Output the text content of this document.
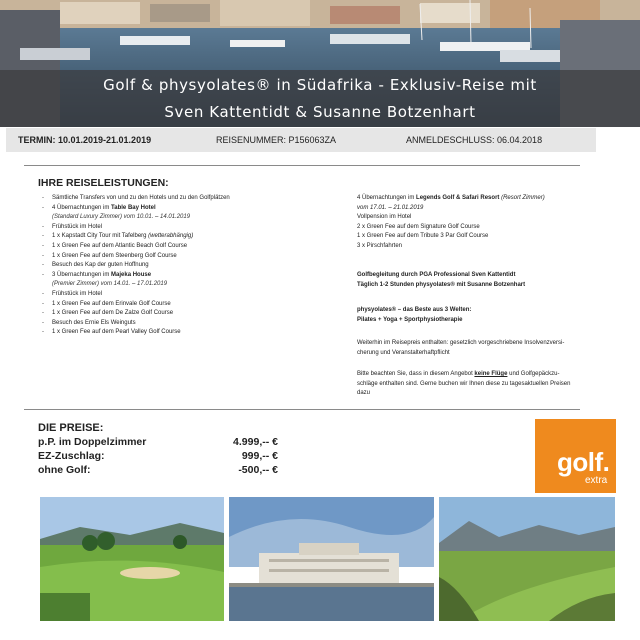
Golf & physyolates® in Südafrika - Exklusiv-Reise mit
Sven Kattentidt & Susanne Botzenhart
TERMIN: 10.01.2019-21.01.2019	REISENUMMER: P156063ZA	ANMELDESCHLUSS: 06.04.2018
IHRE REISELEISTUNGEN:
- Sämtliche Transfers von und zu den Hotels und zu den Golfplätzen
- 4 Übernachtungen im Table Bay Hotel
(Standard Luxury Zimmer) vom 10.01. – 14.01.2019
- Frühstück im Hotel
- 1 x Kapstadt City Tour mit Tafelberg (wetterabhängig)
- 1 x Green Fee auf dem Atlantic Beach Golf Course
- 1 x Green Fee auf dem Steenberg Golf Course
- Besuch des Kap der guten Hoffnung
- 3 Übernachtungen im Majeka House
(Premier Zimmer) vom 14.01. – 17.01.2019
- Frühstück im Hotel
- 1 x Green Fee auf dem Erinvale Golf Course
- 1 x Green Fee auf dem De Zalze Golf Course
- Besuch des Ernie Els Weinguts
- 1 x Green Fee auf dem Pearl Valley Golf Course
4 Übernachtungen im Legends Golf & Safari Resort (Resort Zimmer)
vom 17.01. – 21.01.2019
Vollpension im Hotel
2 x Green Fee auf dem Signature Golf Course
1 x Green Fee auf dem Tribute 3 Par Golf Course
3 x Pirschfahrten
Golfbegleitung durch PGA Professional Sven Kattentidt
Täglich 1-2 Stunden physyolates® mit Susanne Botzenhart
physyolates® – das Beste aus 3 Welten:
Pilates + Yoga + Sportphysiotherapie
Weiterhin im Reisepreis enthalten: gesetzlich vorgeschriebene Insolvenzversi-
cherung und Veranstalterhaftpflicht
Bitte beachten Sie, dass in diesem Angebot keine Flüge und Golfgepäckzu-
schläge enthalten sind. Gerne buchen wir Ihnen diese zu tagesaktuellen Preisen
dazu
DIE PREISE:
p.P. im Doppelzimmer	4.999,-- €
EZ-Zuschlag:	999,-- €
ohne Golf:	-500,-- €	golf.
extra
